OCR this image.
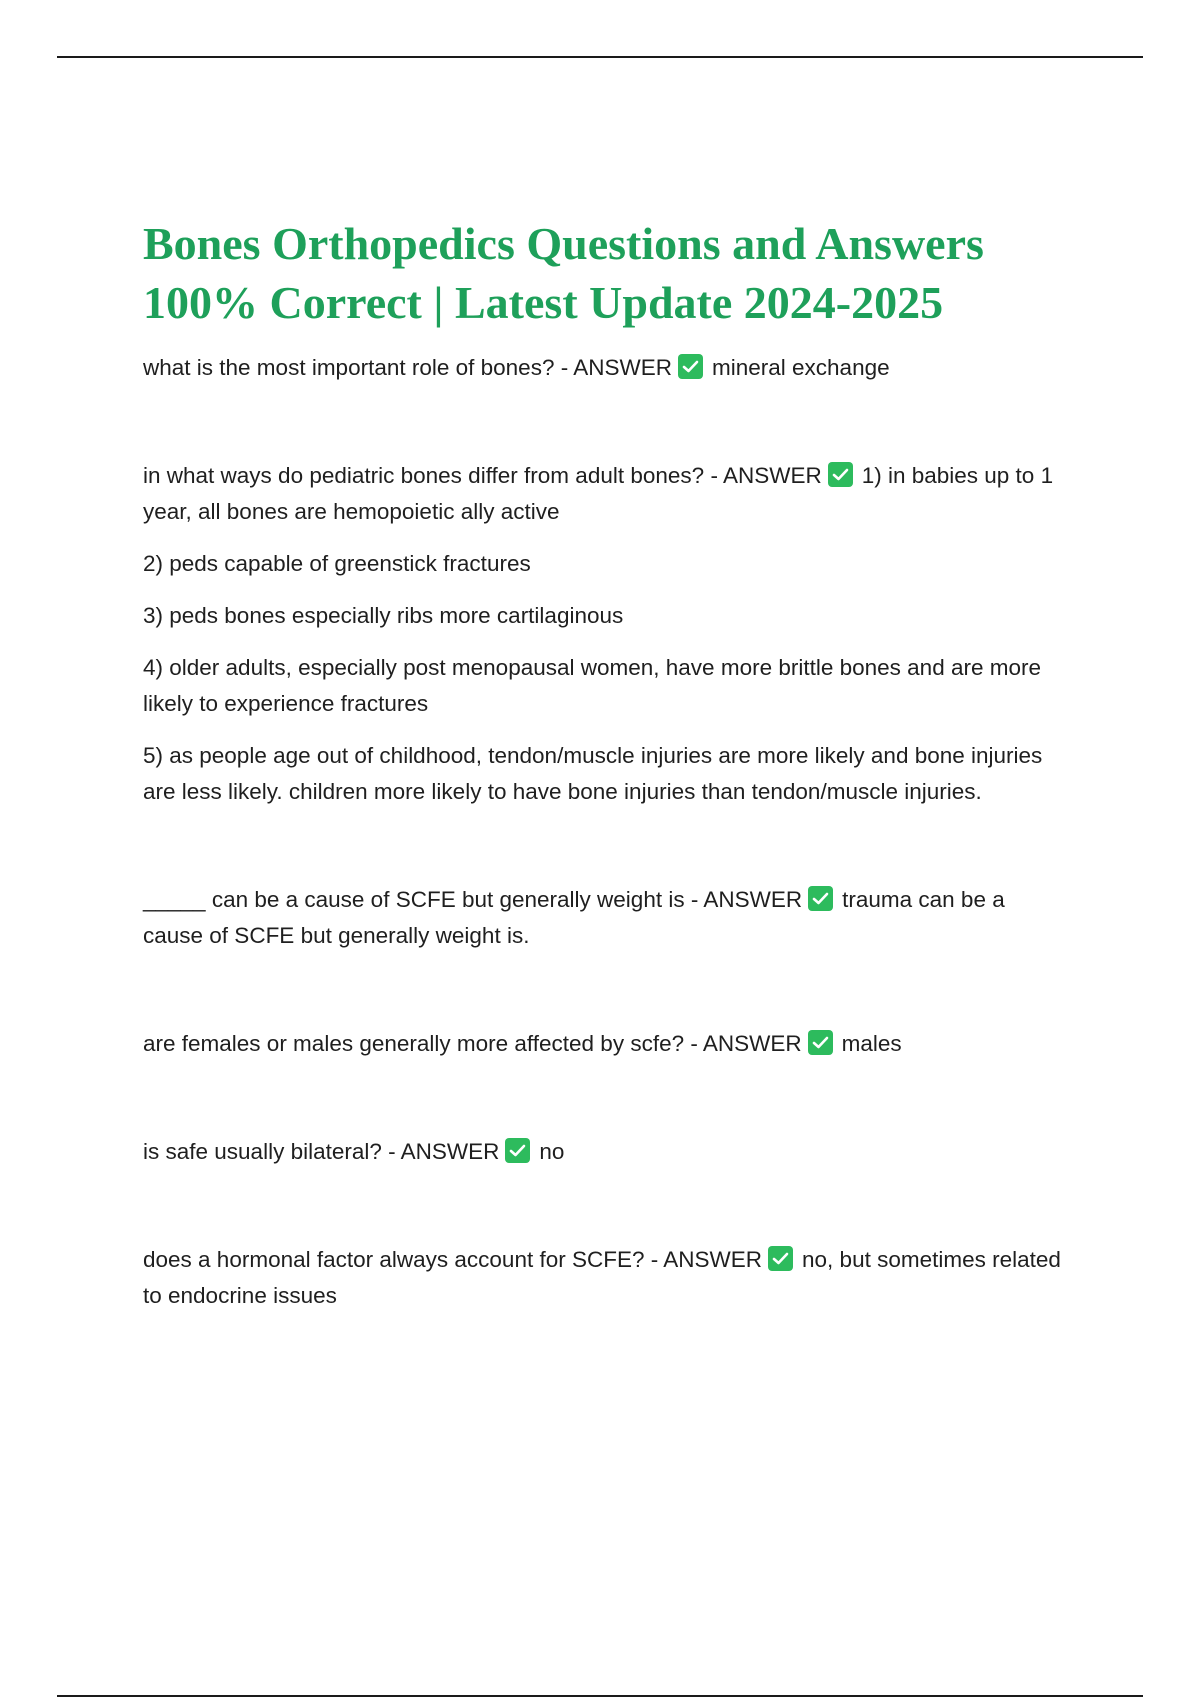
Bones Orthopedics Questions and Answers
100% Correct | Latest Update 2024-2025

what is the most important role of bones? - ANSWER mineral exchange

in what ways do pediatric bones differ from adult bones? - ANSWER 1) in babies up to 1 year, all bones are hemopoietic ally active

2) peds capable of greenstick fractures

3) peds bones especially ribs more cartilaginous

4) older adults, especially post menopausal women, have more brittle bones and are more likely to experience fractures

5) as people age out of childhood, tendon/muscle injuries are more likely and bone injuries are less likely. children more likely to have bone injuries than tendon/muscle injuries.

_____ can be a cause of SCFE but generally weight is - ANSWER trauma can be a cause of SCFE but generally weight is.

are females or males generally more affected by scfe? - ANSWER males

is safe usually bilateral? - ANSWER no

does a hormonal factor always account for SCFE? - ANSWER no, but sometimes related to endocrine issues
